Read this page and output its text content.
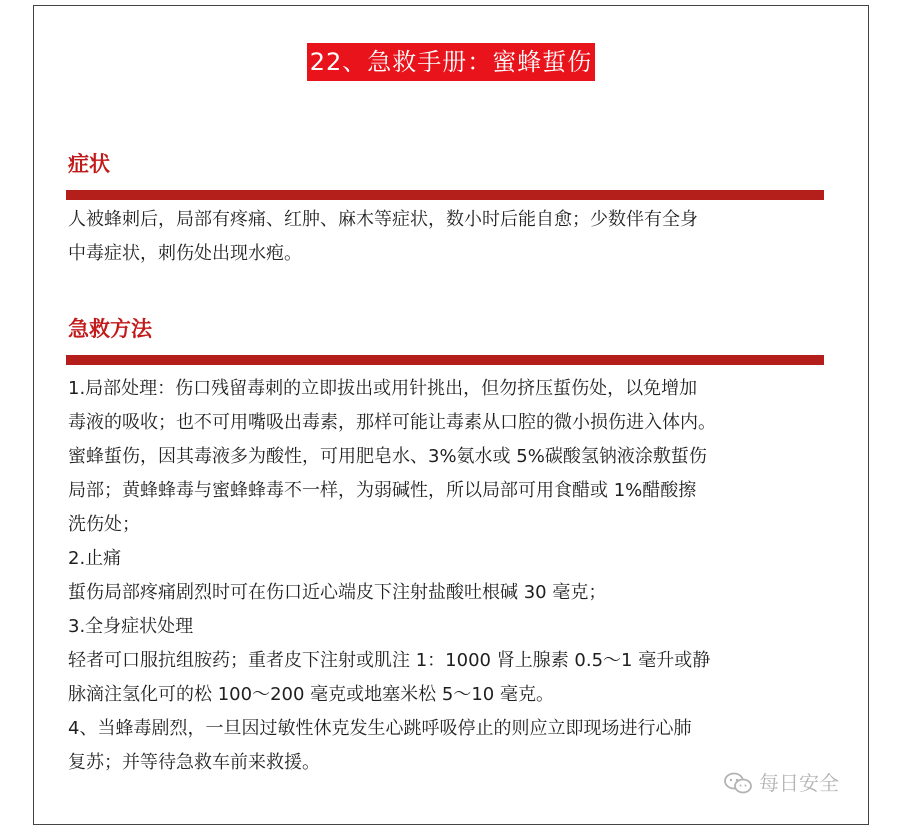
22、急救手册：蜜蜂蜇伤
症状
人被蜂刺后，局部有疼痛、红肿、麻木等症状，数小时后能自愈；少数伴有全身
中毒症状，刺伤处出现水疱。
急救方法
1.局部处理：伤口残留毒刺的立即拔出或用针挑出，但勿挤压蜇伤处，以免增加
毒液的吸收；也不可用嘴吸出毒素，那样可能让毒素从口腔的微小损伤进入体内。
蜜蜂蜇伤，因其毒液多为酸性，可用肥皂水、3%氨水或 5%碳酸氢钠液涂敷蜇伤
局部；黄蜂蜂毒与蜜蜂蜂毒不一样，为弱碱性，所以局部可用食醋或 1%醋酸擦
洗伤处；
2.止痛
蜇伤局部疼痛剧烈时可在伤口近心端皮下注射盐酸吐根碱 30 毫克；
3.全身症状处理
轻者可口服抗组胺药；重者皮下注射或肌注 1：1000 肾上腺素 0.5～1 毫升或静
脉滴注氢化可的松 100～200 毫克或地塞米松 5～10 毫克。
4、当蜂毒剧烈，一旦因过敏性休克发生心跳呼吸停止的则应立即现场进行心肺
复苏；并等待急救车前来救援。
每日安全
